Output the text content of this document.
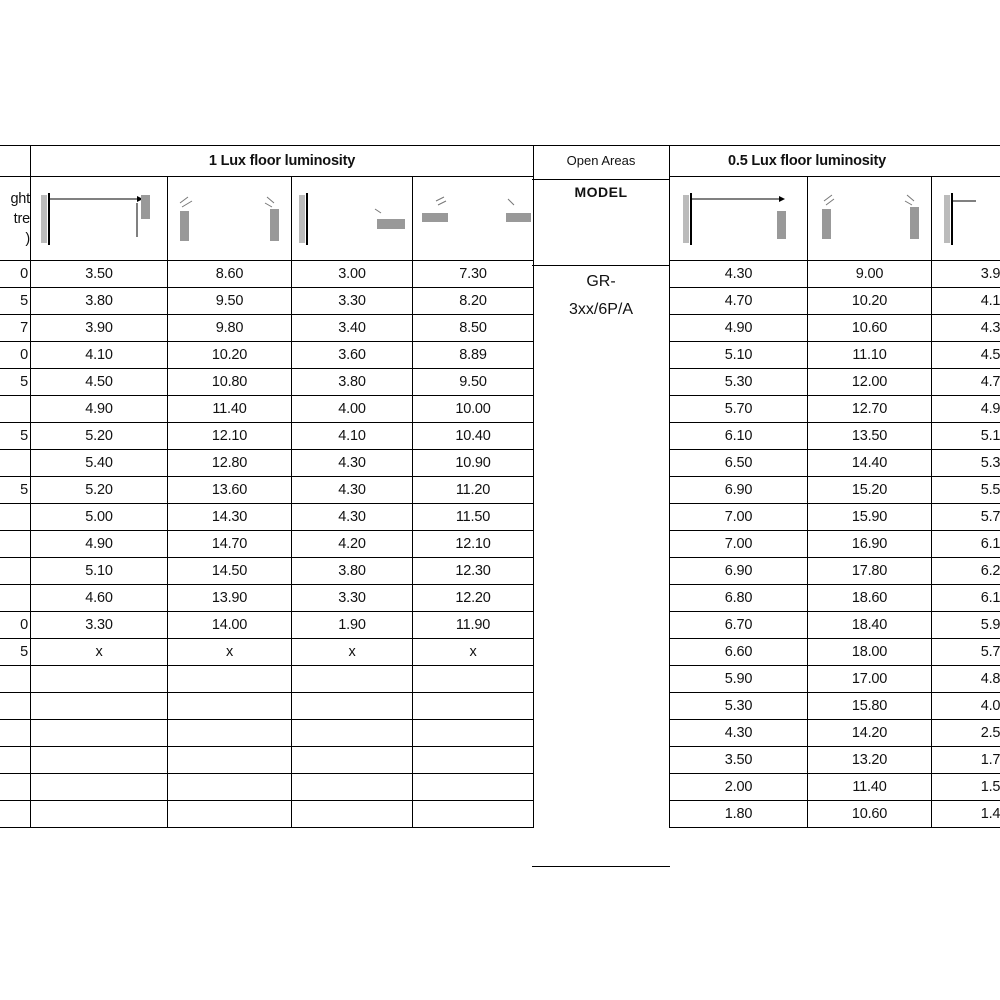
	1 Lux floor luminosity			

ght
tre
)

0	3.50	8.60	3.00	7.30
5	3.80	9.50	3.30	8.20
7	3.90	9.80	3.40	8.50
0	4.10	10.20	3.60	8.89
5	4.50	10.80	3.80	9.50
	4.90	11.40	4.00	10.00
5	5.20	12.10	4.10	10.40
	5.40	12.80	4.30	10.90
5	5.20	13.60	4.30	11.20
	5.00	14.30	4.30	11.50
	4.90	14.70	4.20	12.10
	5.10	14.50	3.80	12.30
	4.60	13.90	3.30	12.20
0	3.30	14.00	1.90	11.90
5	x	x	x	x

Open Areas
MODEL
GR-
3xx/6P/A
0.5 Lux floor luminosity		

4.30	9.00	3.9
4.70	10.20	4.1
4.90	10.60	4.3
5.10	11.10	4.5
5.30	12.00	4.7
5.70	12.70	4.9
6.10	13.50	5.1
6.50	14.40	5.3
6.90	15.20	5.5
7.00	15.90	5.7
7.00	16.90	6.1
6.90	17.80	6.2
6.80	18.60	6.1
6.70	18.40	5.9
6.60	18.00	5.7
5.90	17.00	4.8
5.30	15.80	4.0
4.30	14.20	2.5
3.50	13.20	1.7
2.00	11.40	1.5
1.80	10.60	1.4
